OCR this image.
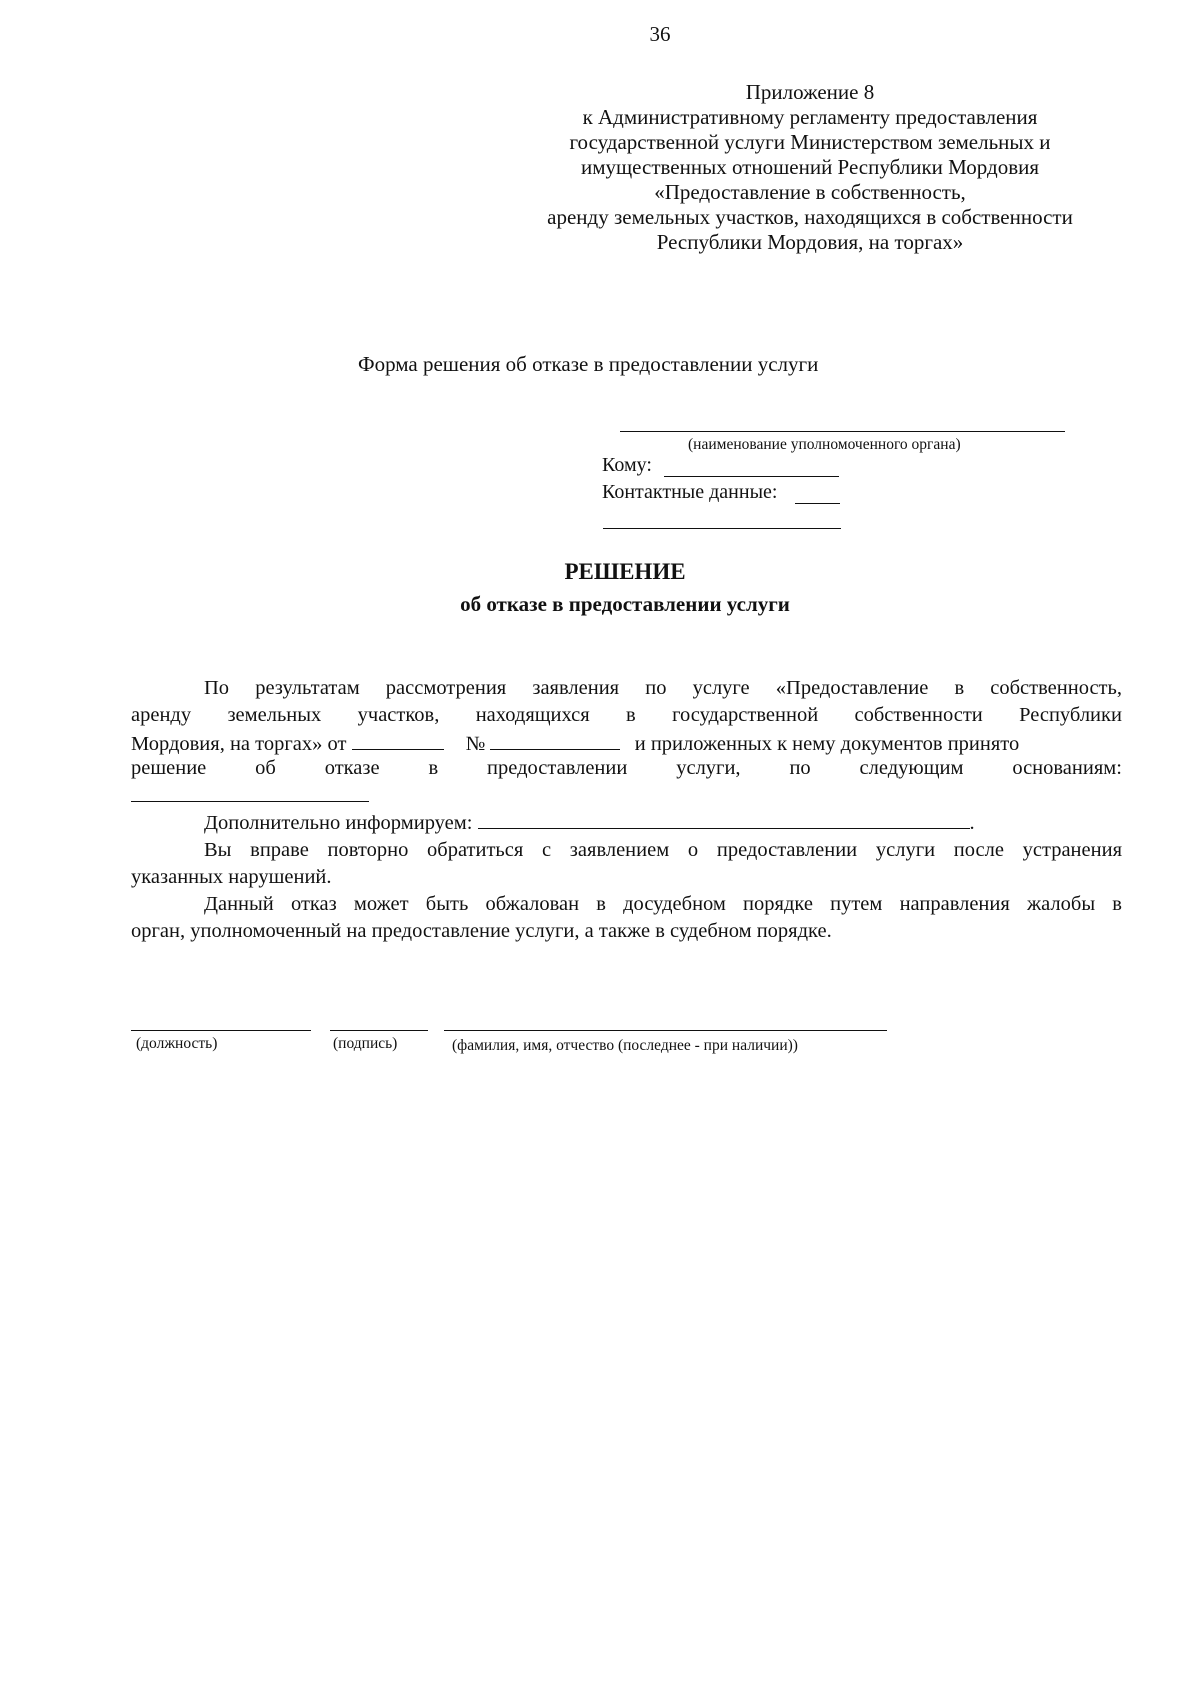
36
Приложение 8
к Административному регламенту предоставления
государственной услуги Министерством земельных и
имущественных отношений Республики Мордовия
«Предоставление в собственность,
аренду земельных участков, находящихся в собственности
Республики Мордовия, на торгах»
Форма решения об отказе в предоставлении услуги
(наименование уполномоченного органа)
Кому:
Контактные данные:
РЕШЕНИЕ
об отказе в предоставлении услуги
По результатам рассмотрения заявления по услуге «Предоставление в собственность,
аренду земельных участков, находящихся в государственной собственности Республики
Мордовия, на торгах» от	№	и приложенных к нему документов принято
решение об отказе в предоставлении услуги, по следующим основаниям:
Дополнительно информируем:	.
Вы вправе повторно обратиться с заявлением о предоставлении услуги после устранения
указанных нарушений.
Данный отказ может быть обжалован в досудебном порядке путем направления жалобы в
орган, уполномоченный на предоставление услуги, а также в судебном порядке.
(должность)	(подпись)	(фамилия, имя, отчество (последнее - при наличии))
